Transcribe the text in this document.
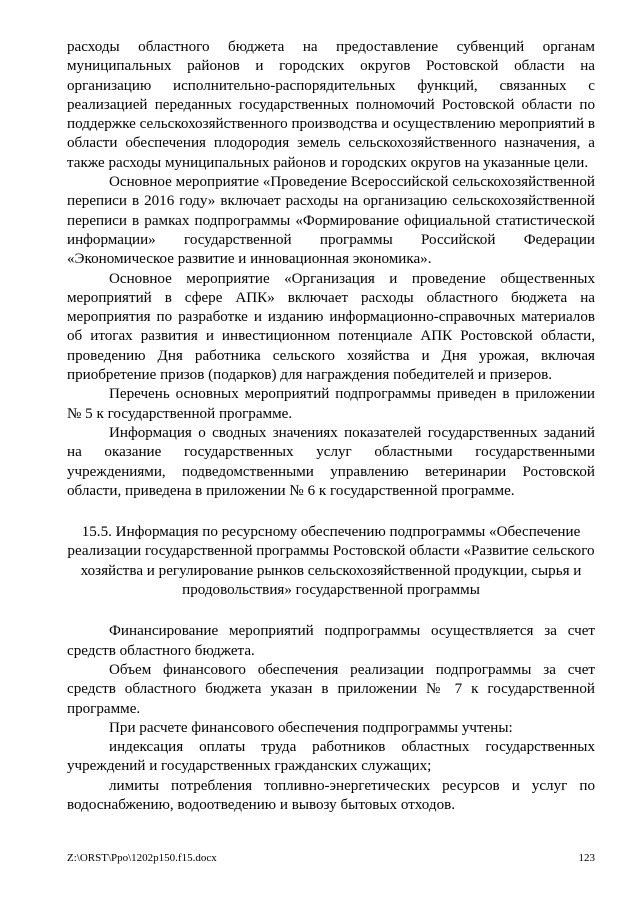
расходы областного бюджета на предоставление субвенций органам муниципальных районов и городских округов Ростовской области на организацию исполнительно-распорядительных функций, связанных с реализацией переданных государственных полномочий Ростовской области по поддержке сельскохозяйственного производства и осуществлению мероприятий в области обеспечения плодородия земель сельскохозяйственного назначения, а также расходы муниципальных районов и городских округов на указанные цели.

Основное мероприятие «Проведение Всероссийской сельскохозяйственной переписи в 2016 году» включает расходы на организацию сельскохозяйственной переписи в рамках подпрограммы «Формирование официальной статистической информации» государственной программы Российской Федерации «Экономическое развитие и инновационная экономика».

Основное мероприятие «Организация и проведение общественных мероприятий в сфере АПК» включает расходы областного бюджета на мероприятия по разработке и изданию информационно-справочных материалов об итогах развития и инвестиционном потенциале АПК Ростовской области, проведению Дня работника сельского хозяйства и Дня урожая, включая приобретение призов (подарков) для награждения победителей и призеров.

Перечень основных мероприятий подпрограммы приведен в приложении № 5 к государственной программе.

Информация о сводных значениях показателей государственных заданий на оказание государственных услуг областными государственными учреждениями, подведомственными управлению ветеринарии Ростовской области, приведена в приложении № 6 к государственной программе.

15.5. Информация по ресурсному обеспечению подпрограммы «Обеспечение реализации государственной программы Ростовской области «Развитие сельского хозяйства и регулирование рынков сельскохозяйственной продукции, сырья и продовольствия» государственной программы

Финансирование мероприятий подпрограммы осуществляется за счет средств областного бюджета.

Объем финансового обеспечения реализации подпрограммы за счет средств областного бюджета указан в приложении № 7 к государственной программе.

При расчете финансового обеспечения подпрограммы учтены:

индексация оплаты труда работников областных государственных учреждений и государственных гражданских служащих;

лимиты потребления топливно-энергетических ресурсов и услуг по водоснабжению, водоотведению и вывозу бытовых отходов.

Z:\ORST\Ppo\1202p150.f15.docx	123
